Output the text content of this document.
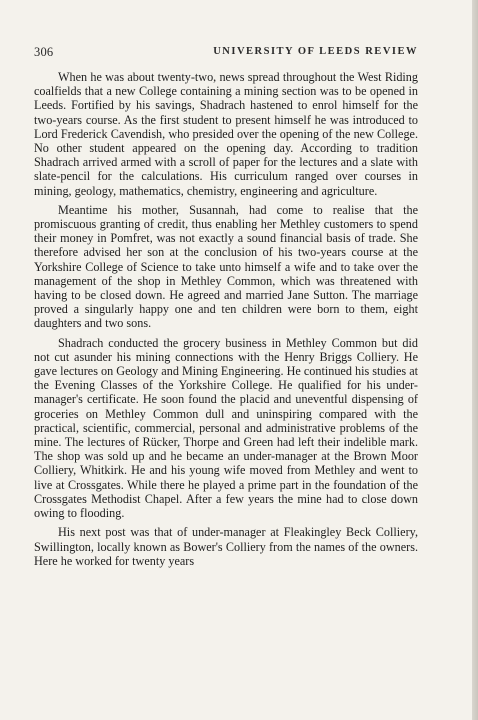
306	UNIVERSITY OF LEEDS REVIEW

When he was about twenty-two, news spread throughout the West Riding coalfields that a new College containing a mining section was to be opened in Leeds. Fortified by his savings, Shadrach hastened to enrol himself for the two-years course. As the first student to present himself he was introduced to Lord Frederick Cavendish, who presided over the opening of the new College. No other student appeared on the opening day. According to tradition Shadrach arrived armed with a scroll of paper for the lectures and a slate with slate-pencil for the calculations. His curriculum ranged over courses in mining, geology, mathematics, chemistry, engineering and agriculture.

Meantime his mother, Susannah, had come to realise that the promiscuous granting of credit, thus enabling her Methley customers to spend their money in Pomfret, was not exactly a sound financial basis of trade. She therefore advised her son at the conclusion of his two-years course at the Yorkshire College of Science to take unto himself a wife and to take over the management of the shop in Methley Common, which was threatened with having to be closed down. He agreed and married Jane Sutton. The marriage proved a singularly happy one and ten children were born to them, eight daughters and two sons.

Shadrach conducted the grocery business in Methley Common but did not cut asunder his mining connections with the Henry Briggs Colliery. He gave lectures on Geology and Mining Engineering. He continued his studies at the Evening Classes of the Yorkshire College. He qualified for his under-manager's certificate. He soon found the placid and uneventful dispensing of groceries on Methley Common dull and uninspiring compared with the practical, scientific, commercial, personal and administrative problems of the mine. The lectures of Rücker, Thorpe and Green had left their indelible mark. The shop was sold up and he became an under-manager at the Brown Moor Colliery, Whitkirk. He and his young wife moved from Methley and went to live at Crossgates. While there he played a prime part in the foundation of the Crossgates Methodist Chapel. After a few years the mine had to close down owing to flooding.

His next post was that of under-manager at Fleakingley Beck Colliery, Swillington, locally known as Bower's Colliery from the names of the owners. Here he worked for twenty years
